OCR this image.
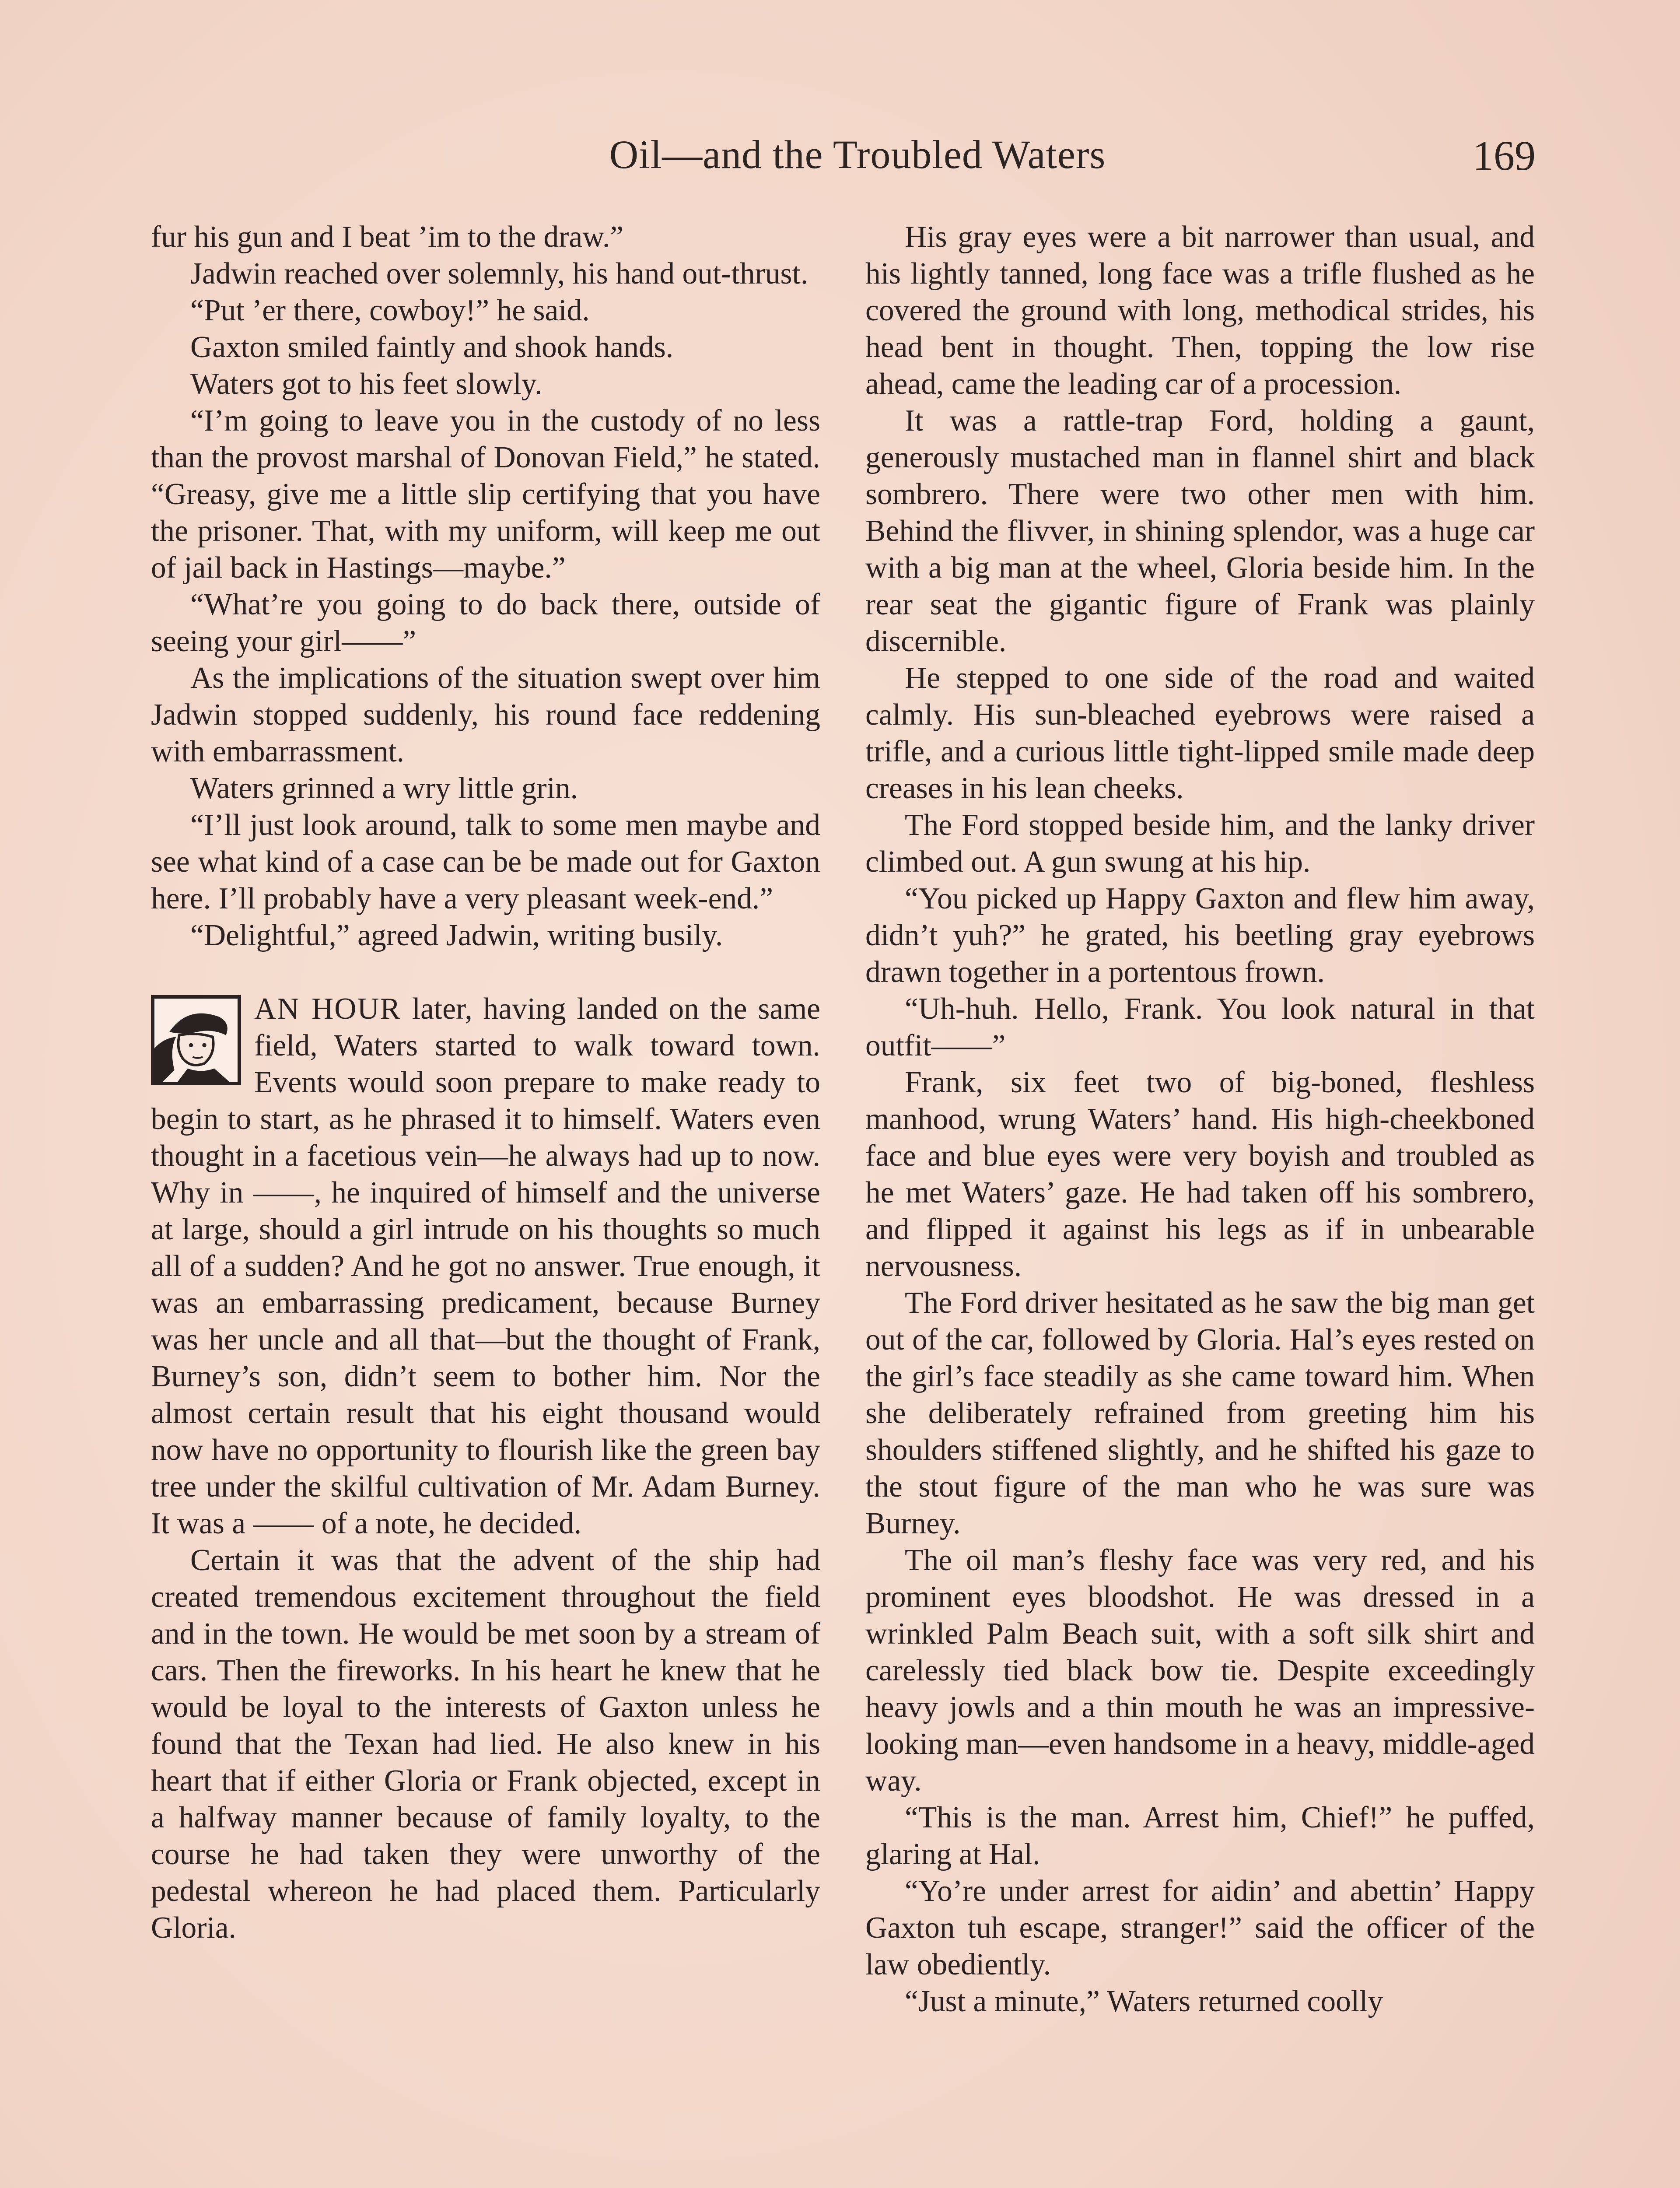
Oil—and the Troubled Waters	169

fur his gun and I beat ’im to the draw.”

Jadwin reached over solemnly, his hand out-thrust.

“Put ’er there, cowboy!” he said.

Gaxton smiled faintly and shook hands.

Waters got to his feet slowly.

“I’m going to leave you in the custody of no less than the provost marshal of Donovan Field,” he stated. “Greasy, give me a little slip certifying that you have the prisoner. That, with my uniform, will keep me out of jail back in Hastings—maybe.”

“What’re you going to do back there, outside of seeing your girl——”

As the implications of the situation swept over him Jadwin stopped suddenly, his round face reddening with embarrassment.

Waters grinned a wry little grin.

“I’ll just look around, talk to some men maybe and see what kind of a case can be be made out for Gaxton here. I’ll probably have a very pleasant week-end.”

“Delightful,” agreed Jadwin, writing busily.

AN HOUR later, having landed on the same field, Waters started to walk toward town. Events would soon prepare to make ready to begin to start, as he phrased it to himself. Waters even thought in a facetious vein—he always had up to now. Why in ——, he inquired of himself and the universe at large, should a girl intrude on his thoughts so much all of a sudden? And he got no answer. True enough, it was an embarrassing predicament, because Burney was her uncle and all that—but the thought of Frank, Burney’s son, didn’t seem to bother him. Nor the almost certain result that his eight thousand would now have no opportunity to flourish like the green bay tree under the skilful cultivation of Mr. Adam Burney. It was a —— of a note, he decided.

Certain it was that the advent of the ship had created tremendous excitement throughout the field and in the town. He would be met soon by a stream of cars. Then the fireworks. In his heart he knew that he would be loyal to the interests of Gaxton unless he found that the Texan had lied. He also knew in his heart that if either Gloria or Frank objected, except in a halfway manner because of family loyalty, to the course he had taken they were unworthy of the pedestal whereon he had placed them. Particularly Gloria.

His gray eyes were a bit narrower than usual, and his lightly tanned, long face was a trifle flushed as he covered the ground with long, methodical strides, his head bent in thought. Then, topping the low rise ahead, came the leading car of a procession.

It was a rattle-trap Ford, holding a gaunt, generously mustached man in flannel shirt and black sombrero. There were two other men with him. Behind the flivver, in shining splendor, was a huge car with a big man at the wheel, Gloria beside him. In the rear seat the gigantic figure of Frank was plainly discernible.

He stepped to one side of the road and waited calmly. His sun-bleached eyebrows were raised a trifle, and a curious little tight-lipped smile made deep creases in his lean cheeks.

The Ford stopped beside him, and the lanky driver climbed out. A gun swung at his hip.

“You picked up Happy Gaxton and flew him away, didn’t yuh?” he grated, his beetling gray eyebrows drawn together in a portentous frown.

“Uh-huh. Hello, Frank. You look natural in that outfit——”

Frank, six feet two of big-boned, fleshless manhood, wrung Waters’ hand. His high-cheekboned face and blue eyes were very boyish and troubled as he met Waters’ gaze. He had taken off his sombrero, and flipped it against his legs as if in unbearable nervousness.

The Ford driver hesitated as he saw the big man get out of the car, followed by Gloria. Hal’s eyes rested on the girl’s face steadily as she came toward him. When she deliberately refrained from greeting him his shoulders stiffened slightly, and he shifted his gaze to the stout figure of the man who he was sure was Burney.

The oil man’s fleshy face was very red, and his prominent eyes bloodshot. He was dressed in a wrinkled Palm Beach suit, with a soft silk shirt and carelessly tied black bow tie. Despite exceedingly heavy jowls and a thin mouth he was an impressive-looking man—even handsome in a heavy, middle-aged way.

“This is the man. Arrest him, Chief!” he puffed, glaring at Hal.

“Yo’re under arrest for aidin’ and abettin’ Happy Gaxton tuh escape, stranger!” said the officer of the law obediently.

“Just a minute,” Waters returned coolly
